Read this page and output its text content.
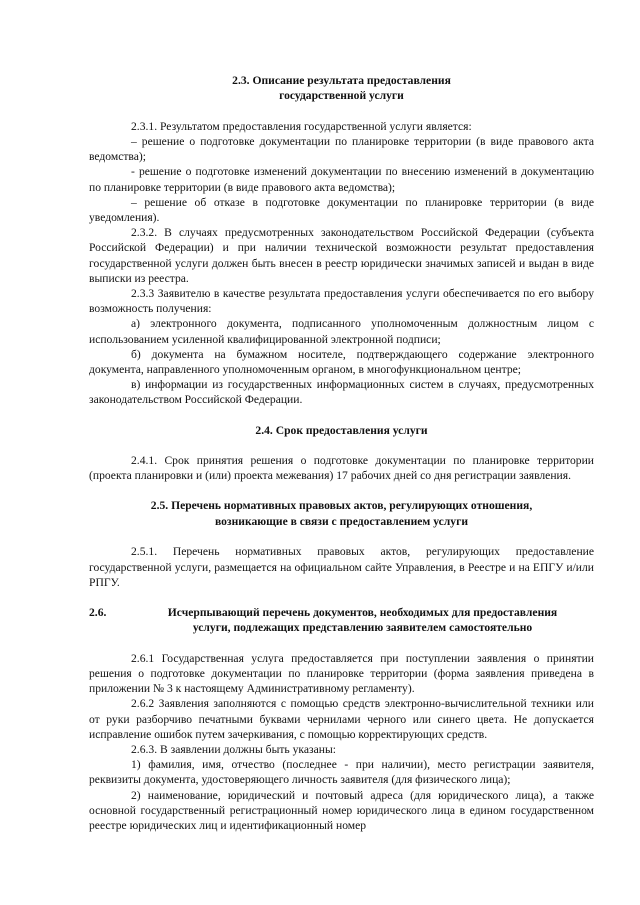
2.3. Описание результата предоставления
государственной услуги

2.3.1. Результатом предоставления государственной услуги является:

– решение о подготовке документации по планировке территории (в виде правового акта ведомства);

- решение о подготовке изменений документации по внесению изменений в документацию по планировке территории (в виде правового акта ведомства);

– решение об отказе в подготовке документации по планировке территории (в виде уведомления).

2.3.2. В случаях предусмотренных законодательством Российской Федерации (субъекта Российской Федерации) и при наличии технической возможности результат предоставления государственной услуги должен быть внесен в реестр юридически значимых записей и выдан в виде выписки из реестра.

2.3.3 Заявителю в качестве результата предоставления услуги обеспечивается по его выбору возможность получения:

а) электронного документа, подписанного уполномоченным должностным лицом с использованием усиленной квалифицированной электронной подписи;

б) документа на бумажном носителе, подтверждающего содержание электронного документа, направленного уполномоченным органом, в многофункциональном центре;

в) информации из государственных информационных систем в случаях, предусмотренных законодательством Российской Федерации.

2.4. Срок предоставления услуги

2.4.1. Срок принятия решения о подготовке документации по планировке территории (проекта планировки и (или) проекта межевания) 17 рабочих дней со дня регистрации заявления.

2.5. Перечень нормативных правовых актов, регулирующих отношения,
возникающие в связи с предоставлением услуги

2.5.1. Перечень нормативных правовых актов, регулирующих предоставление государственной услуги, размещается на официальном сайте Управления, в Реестре и на ЕПГУ и/или РПГУ.

2.6.	Исчерпывающий перечень документов, необходимых для предоставления
услуги, подлежащих представлению заявителем самостоятельно

2.6.1 Государственная услуга предоставляется при поступлении заявления о принятии решения о подготовке документации по планировке территории (форма заявления приведена в приложении № 3 к настоящему Административному регламенту).

2.6.2 Заявления заполняются с помощью средств электронно-вычислительной техники или от руки разборчиво печатными буквами чернилами черного или синего цвета. Не допускается исправление ошибок путем зачеркивания, с помощью корректирующих средств.

2.6.3. В заявлении должны быть указаны:

1) фамилия, имя, отчество (последнее - при наличии), место регистрации заявителя, реквизиты документа, удостоверяющего личность заявителя (для физического лица);

2) наименование, юридический и почтовый адреса (для юридического лица), а также основной государственный регистрационный номер юридического лица в едином государственном реестре юридических лиц и идентификационный номер
